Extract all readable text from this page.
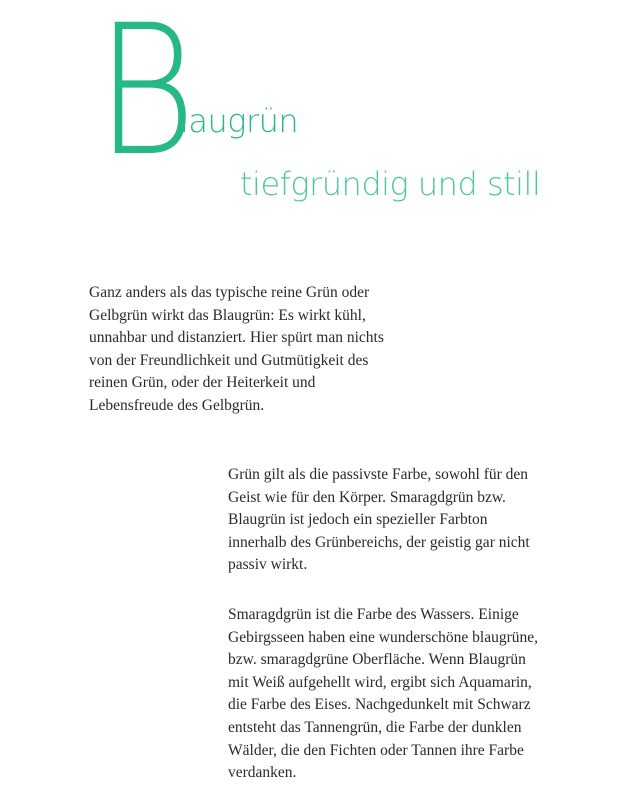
B
laugrün
tiefgründig und still

Ganz anders als das typische reine Grün oder
Gelbgrün wirkt das Blaugrün: Es wirkt kühl,
unnahbar und distanziert. Hier spürt man nichts
von der Freundlichkeit und Gutmütigkeit des
reinen Grün, oder der Heiterkeit und
Lebensfreude des Gelbgrün.

Grün gilt als die passivste Farbe, sowohl für den
Geist wie für den Körper. Smaragdgrün bzw.
Blaugrün ist jedoch ein spezieller Farbton
innerhalb des Grünbereichs, der geistig gar nicht
passiv wirkt.

Smaragdgrün ist die Farbe des Wassers. Einige
Gebirgsseen haben eine wunderschöne blaugrüne,
bzw. smaragdgrüne Oberfläche. Wenn Blaugrün
mit Weiß aufgehellt wird, ergibt sich Aquamarin,
die Farbe des Eises. Nachgedunkelt mit Schwarz
entsteht das Tannengrün, die Farbe der dunklen
Wälder, die den Fichten oder Tannen ihre Farbe
verdanken.
